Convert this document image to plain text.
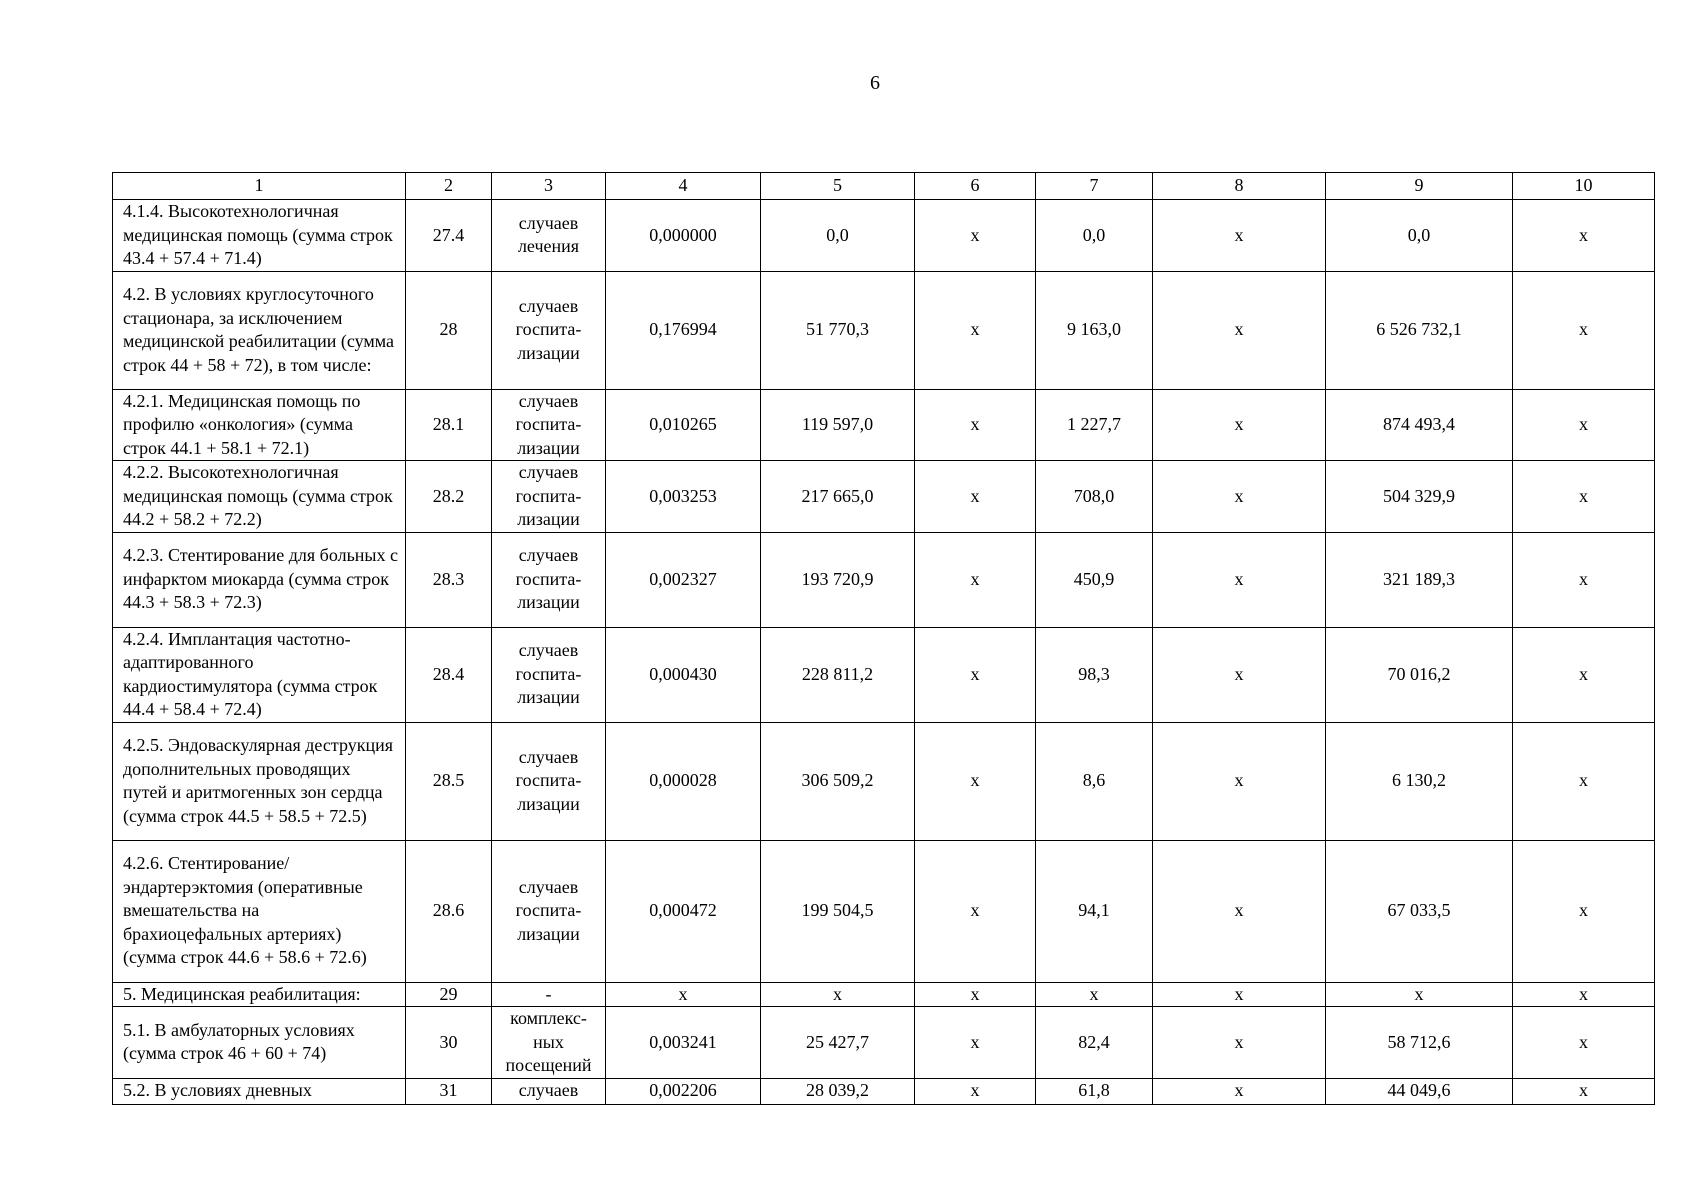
6
1	2	3	4	5	6	7	8	9	10
4.1.4. Высокотехнологичная медицинская помощь (сумма строк 43.4 + 57.4 + 71.4)	27.4	случаев лечения	0,000000	0,0	x	0,0	x	0,0	x
4.2. В условиях круглосуточного стационара, за исключением медицинской реабилитации (сумма строк 44 + 58 + 72), в том числе:	28	случаев госпита-лизации	0,176994	51 770,3	x	9 163,0	x	6 526 732,1	x
4.2.1. Медицинская помощь по профилю «онкология» (сумма строк 44.1 + 58.1 + 72.1)	28.1	случаев госпита-лизации	0,010265	119 597,0	x	1 227,7	x	874 493,4	x
4.2.2. Высокотехнологичная медицинская помощь (сумма строк 44.2 + 58.2 + 72.2)	28.2	случаев госпита-лизации	0,003253	217 665,0	x	708,0	x	504 329,9	x
4.2.3. Стентирование для больных с инфарктом миокарда (сумма строк 44.3 + 58.3 + 72.3)	28.3	случаев госпита-лизации	0,002327	193 720,9	x	450,9	x	321 189,3	x
4.2.4. Имплантация частотно-адаптированного кардиостимулятора (сумма строк 44.4 + 58.4 + 72.4)	28.4	случаев госпита-лизации	0,000430	228 811,2	x	98,3	x	70 016,2	x
4.2.5. Эндоваскулярная деструкция дополнительных проводящих путей и аритмогенных зон сердца (сумма строк 44.5 + 58.5 + 72.5)	28.5	случаев госпита-лизации	0,000028	306 509,2	x	8,6	x	6 130,2	x
4.2.6. Стентирование/ эндартерэктомия (оперативные вмешательства на брахиоцефальных артериях) (сумма строк 44.6 + 58.6 + 72.6)	28.6	случаев госпита-лизации	0,000472	199 504,5	x	94,1	x	67 033,5	x
5. Медицинская реабилитация:	29	-	x	x	x	x	x	x	x
5.1. В амбулаторных условиях (сумма строк 46 + 60 + 74)	30	комплекс-ных посещений	0,003241	25 427,7	x	82,4	x	58 712,6	x
5.2. В условиях дневных	31	случаев	0,002206	28 039,2	x	61,8	x	44 049,6	x
